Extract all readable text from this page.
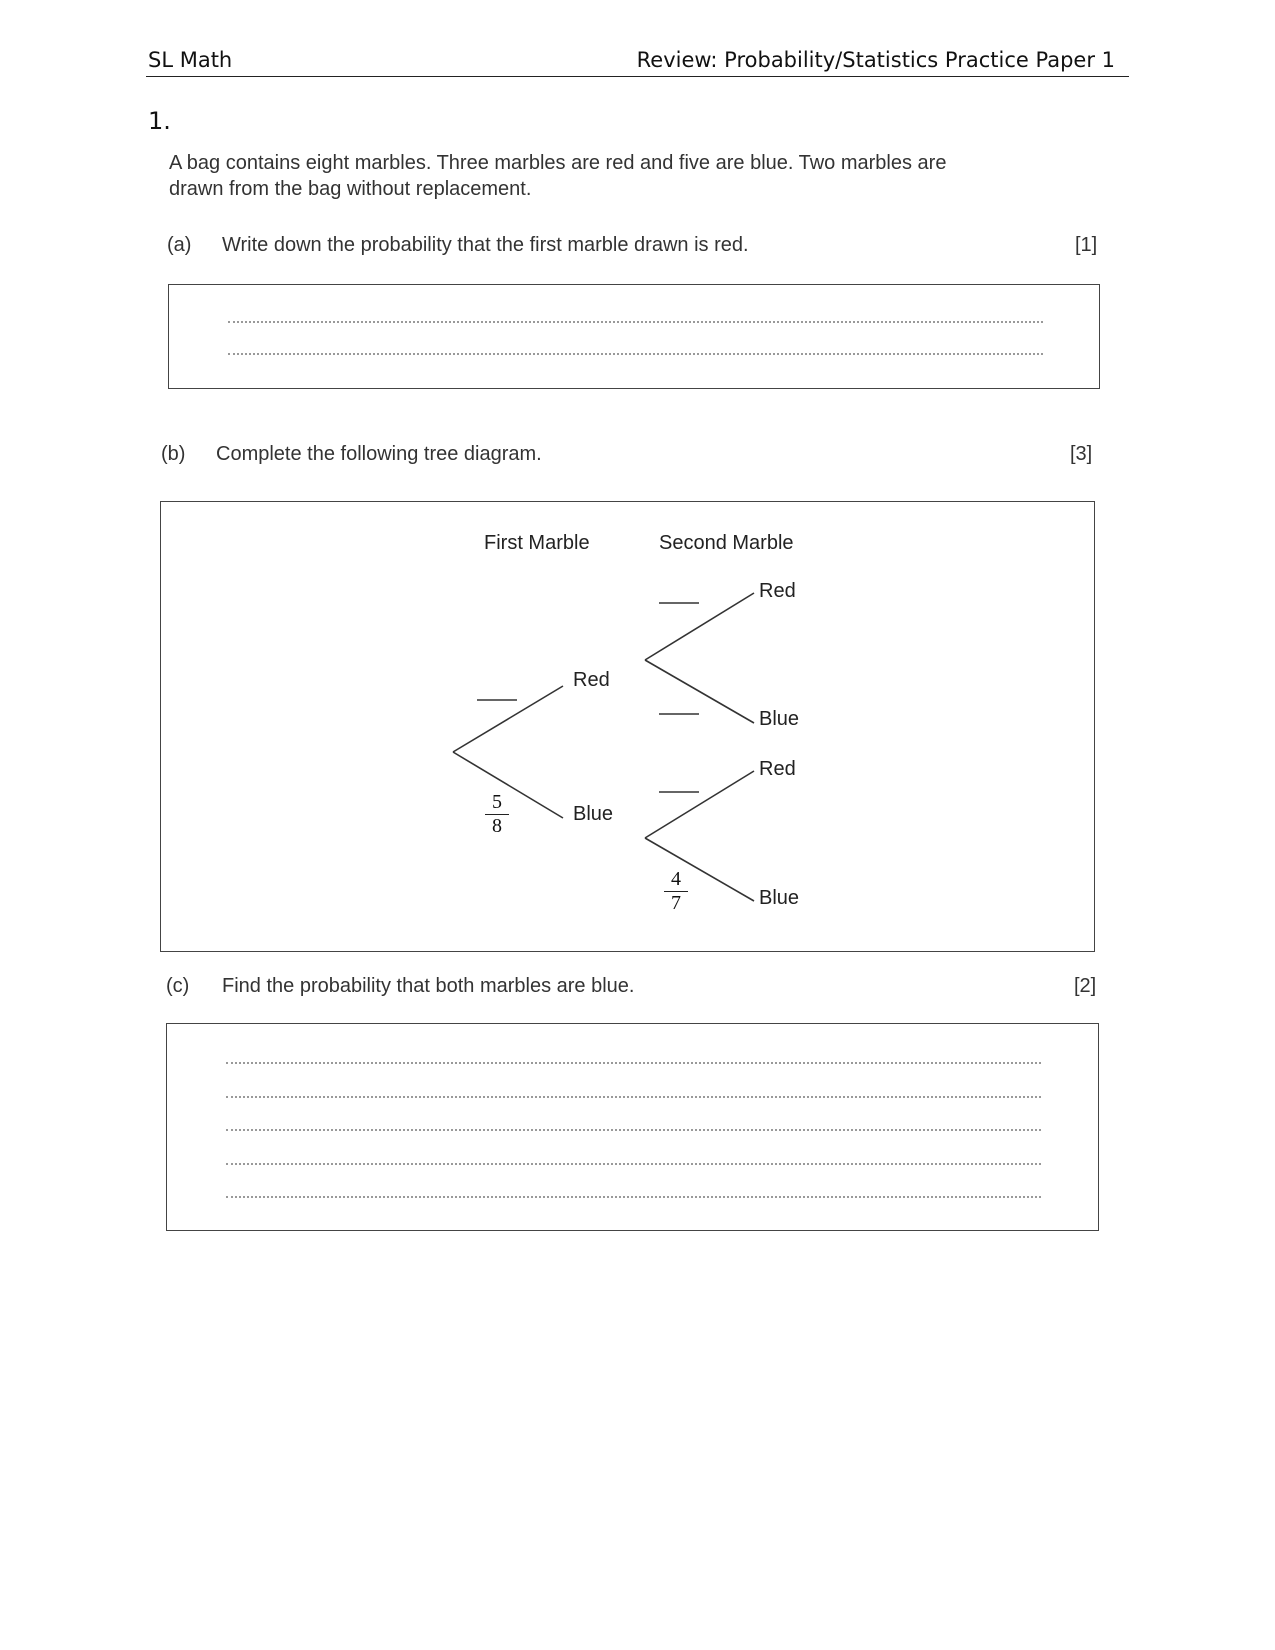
SL Math	Review: Probability/Statistics Practice Paper 1
1.
A bag contains eight marbles. Three marbles are red and five are blue. Two marbles are
drawn from the bag without replacement.
(a) Write down the probability that the first marble drawn is red.	[1]
(b) Complete the following tree diagram.	[3]
First Marble	Second Marble
Red
Blue
Red
Blue
Red
Blue
$\frac{5}{8}$
$\frac{4}{7}$
(c) Find the probability that both marbles are blue.	[2]
